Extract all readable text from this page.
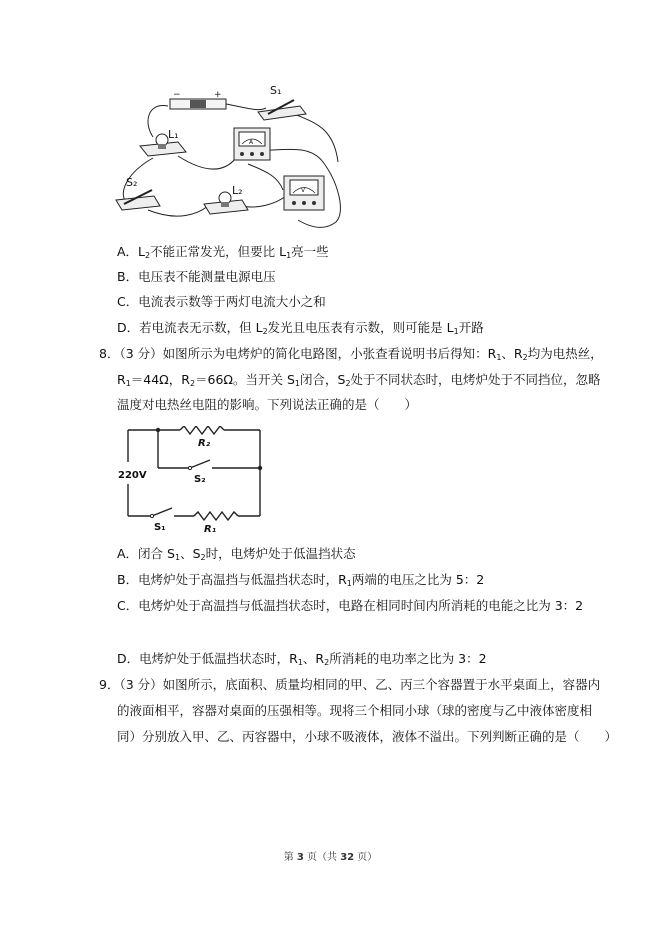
−	+	S₁
L₁
A
S₂
L₂	V
A．$L_2$不能正常发光，但要比 $L_1$亮一些
B．电压表不能测量电源电压
C．电流表示数等于两灯电流大小之和
D．若电流表无示数，但 $L_2$发光且电压表有示数，则可能是 $L_1$开路
8．（3 分）如图所示为电烤炉的简化电路图，小张查看说明书后得知：$R_1$、$R_2$均为电热丝，
$R_1=44\Omega$，$R_2=66\Omega$。当开关 $S_1$闭合，$S_2$处于不同状态时，电烤炉处于不同挡位，忽略
温度对电热丝电阻的影响。下列说法正确的是（　　）
220V
R₂
S₂
S₁	R₁
A．闭合 $S_1$、$S_2$时，电烤炉处于低温挡状态
B．电烤炉处于高温挡与低温挡状态时，$R_1$两端的电压之比为 5：2
C．电烤炉处于高温挡与低温挡状态时，电路在相同时间内所消耗的电能之比为 3：2
D．电烤炉处于低温挡状态时，$R_1$、$R_2$所消耗的电功率之比为 3：2
9．（3 分）如图所示，底面积、质量均相同的甲、乙、丙三个容器置于水平桌面上，容器内
的液面相平，容器对桌面的压强相等。现将三个相同小球（球的密度与乙中液体密度相
同）分别放入甲、乙、丙容器中，小球不吸液体，液体不溢出。下列判断正确的是（　　）
第 3 页（共 32 页）
